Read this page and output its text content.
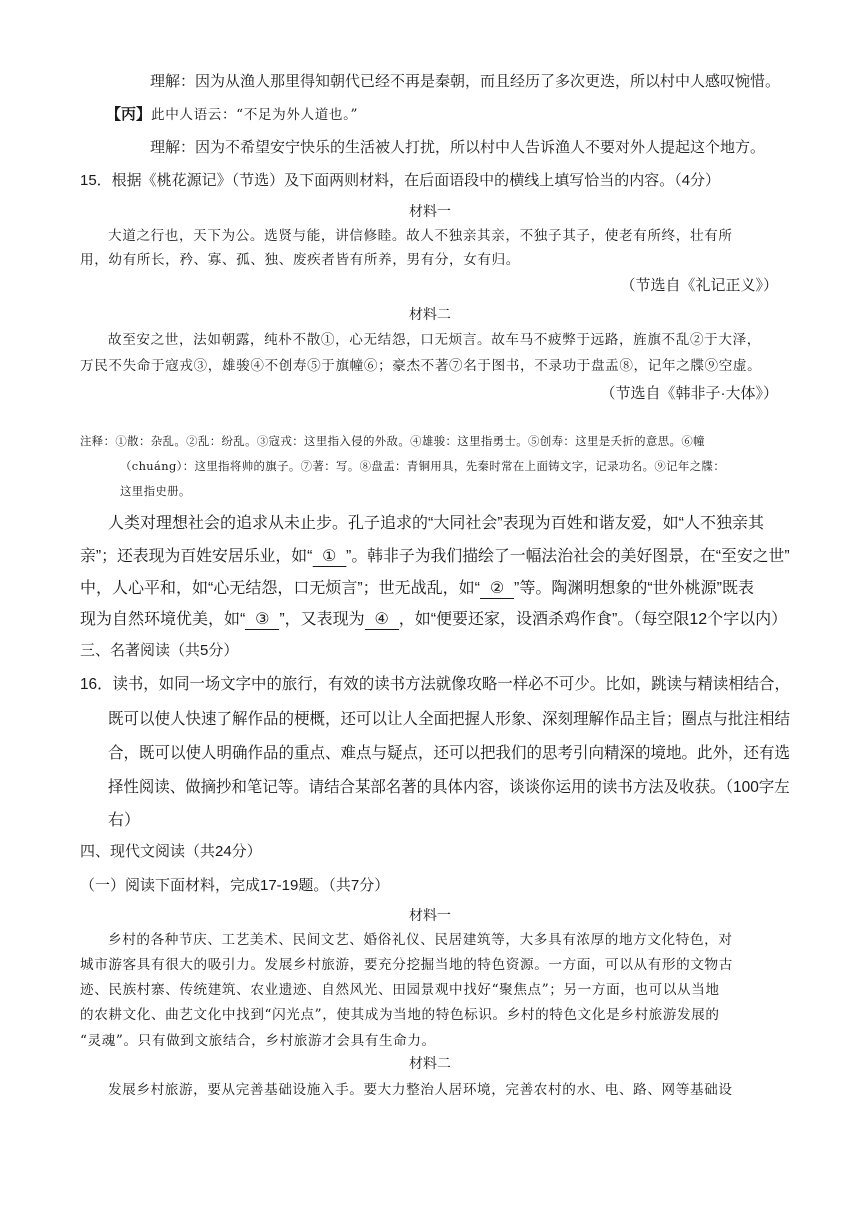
理解：因为从渔人那里得知朝代已经不再是秦朝，而且经历了多次更迭，所以村中人感叹惋惜。
【丙】此中人语云：“不足为外人道也。”
理解：因为不希望安宁快乐的生活被人打扰，所以村中人告诉渔人不要对外人提起这个地方。
15．根据《桃花源记》（节选）及下面两则材料，在后面语段中的横线上填写恰当的内容。（4分）
材料一
大道之行也，天下为公。选贤与能，讲信修睦。故人不独亲其亲，不独子其子，使老有所终，壮有所
用，幼有所长，矜、寡、孤、独、废疾者皆有所养，男有分，女有归。
（节选自《礼记正义》）
材料二
故至安之世，法如朝露，纯朴不散①，心无结怨，口无烦言。故车马不疲弊于远路，旌旗不乱②于大泽，
万民不失命于寇戎③，雄骏④不创寿⑤于旗幢⑥；豪杰不著⑦名于图书，不录功于盘盂⑧，记年之牒⑨空虚。
（节选自《韩非子·大体》）
注释：①散：杂乱。②乱：纷乱。③寇戎：这里指入侵的外敌。④雄骏：这里指勇士。⑤创寿：这里是夭折的意思。⑥幢
（chuáng）：这里指将帅的旗子。⑦著：写。⑧盘盂：青铜用具，先秦时常在上面铸文字，记录功名。⑨记年之牒：
这里指史册。
人类对理想社会的追求从未止步。孔子追求的“大同社会”表现为百姓和谐友爱，如“人不独亲其
亲”；还表现为百姓安居乐业，如“ ① ”。韩非子为我们描绘了一幅法治社会的美好图景，在“至安之世”
中，人心平和，如“心无结怨，口无烦言”；世无战乱，如“ ② ”等。陶渊明想象的“世外桃源”既表
现为自然环境优美，如“ ③ ”，又表现为 ④ ，如“便要还家，设酒杀鸡作食”。（每空限12个字以内）
三、名著阅读（共5分）
16．读书，如同一场文字中的旅行，有效的读书方法就像攻略一样必不可少。比如，跳读与精读相结合，
既可以使人快速了解作品的梗概，还可以让人全面把握人形象、深刻理解作品主旨；圈点与批注相结
合，既可以使人明确作品的重点、难点与疑点，还可以把我们的思考引向精深的境地。此外，还有选
择性阅读、做摘抄和笔记等。请结合某部名著的具体内容，谈谈你运用的读书方法及收获。（100字左
右）
四、现代文阅读（共24分）
（一）阅读下面材料，完成17-19题。（共7分）
材料一
乡村的各种节庆、工艺美术、民间文艺、婚俗礼仪、民居建筑等，大多具有浓厚的地方文化特色，对
城市游客具有很大的吸引力。发展乡村旅游，要充分挖掘当地的特色资源。一方面，可以从有形的文物古
迹、民族村寨、传统建筑、农业遗迹、自然风光、田园景观中找好“聚焦点”；另一方面，也可以从当地
的农耕文化、曲艺文化中找到“闪光点”，使其成为当地的特色标识。乡村的特色文化是乡村旅游发展的
“灵魂”。只有做到文旅结合，乡村旅游才会具有生命力。
材料二
发展乡村旅游，要从完善基础设施入手。要大力整治人居环境，完善农村的水、电、路、网等基础设
